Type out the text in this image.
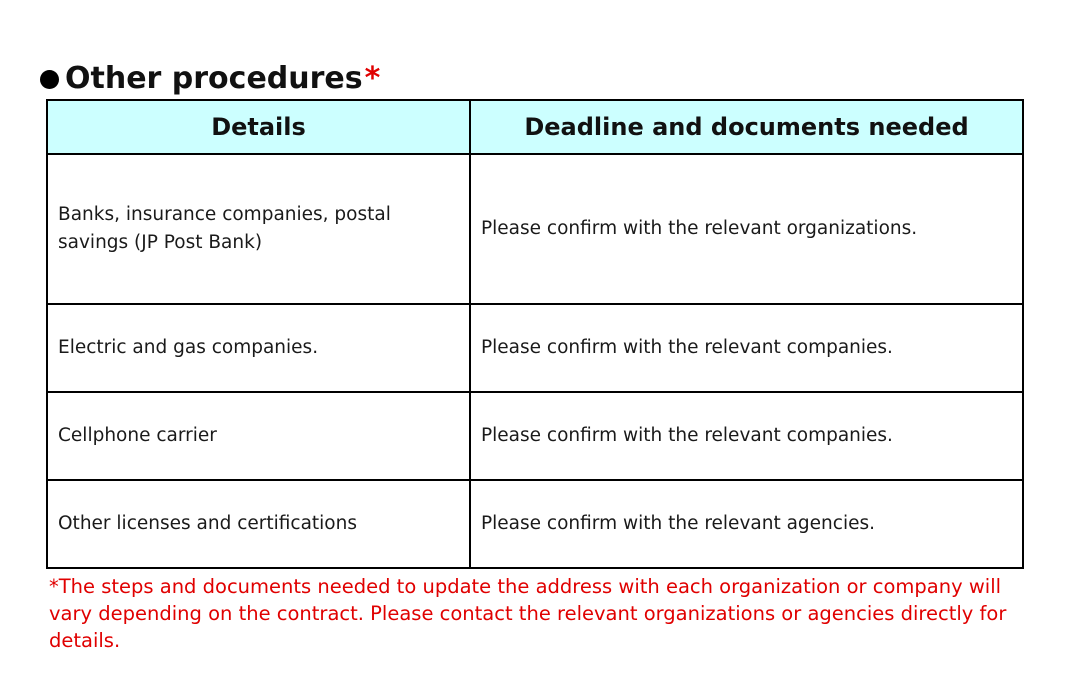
Other procedures *
Details	Deadline and documents needed
Banks, insurance companies, postal savings (JP Post Bank)	Please confirm with the relevant organizations.
Electric and gas companies.	Please confirm with the relevant companies.
Cellphone carrier	Please confirm with the relevant companies.
Other licenses and certifications	Please confirm with the relevant agencies.
*The steps and documents needed to update the address with each organization or company will vary depending on the contract. Please contact the relevant organizations or agencies directly for details.
